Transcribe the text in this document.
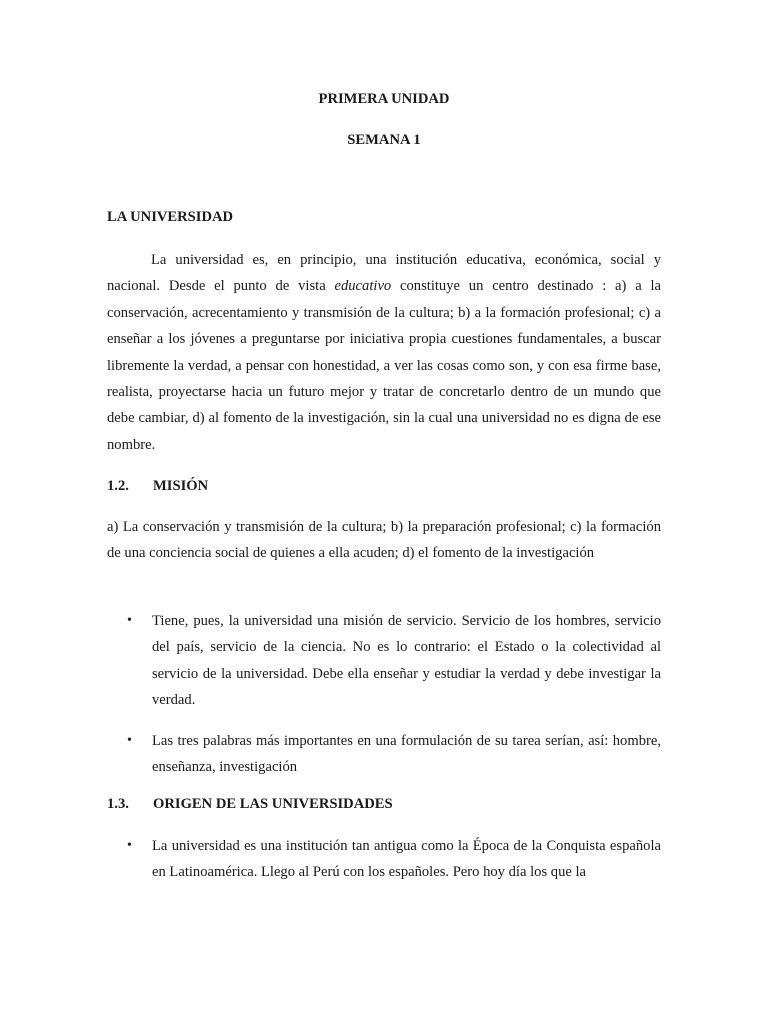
PRIMERA UNIDAD

SEMANA 1

LA UNIVERSIDAD

La universidad es, en principio, una institución educativa, económica, social y nacional. Desde el punto de vista educativo constituye un centro destinado : a) a la conservación, acrecentamiento y transmisión de la cultura; b) a la formación profesional; c) a enseñar a los jóvenes a preguntarse por iniciativa propia cuestiones fundamentales, a buscar libremente la verdad, a pensar con honestidad, a ver las cosas como son, y con esa firme base, realista, proyectarse hacia un futuro mejor y tratar de concretarlo dentro de un mundo que debe cambiar, d) al fomento de la investigación, sin la cual una universidad no es digna de ese nombre.

1.2. MISIÓN

a) La conservación y transmisión de la cultura; b) la preparación profesional; c) la formación de una conciencia social de quienes a ella acuden; d) el fomento de la investigación

• Tiene, pues, la universidad una misión de servicio. Servicio de los hombres, servicio del país, servicio de la ciencia. No es lo contrario: el Estado o la colectividad al servicio de la universidad. Debe ella enseñar y estudiar la verdad y debe investigar la verdad.
• Las tres palabras más importantes en una formulación de su tarea serían, así: hombre, enseñanza, investigación

1.3. ORIGEN DE LAS UNIVERSIDADES

• La universidad es una institución tan antigua como la Época de la Conquista española en Latinoamérica. Llego al Perú con los españoles. Pero hoy día los que la
